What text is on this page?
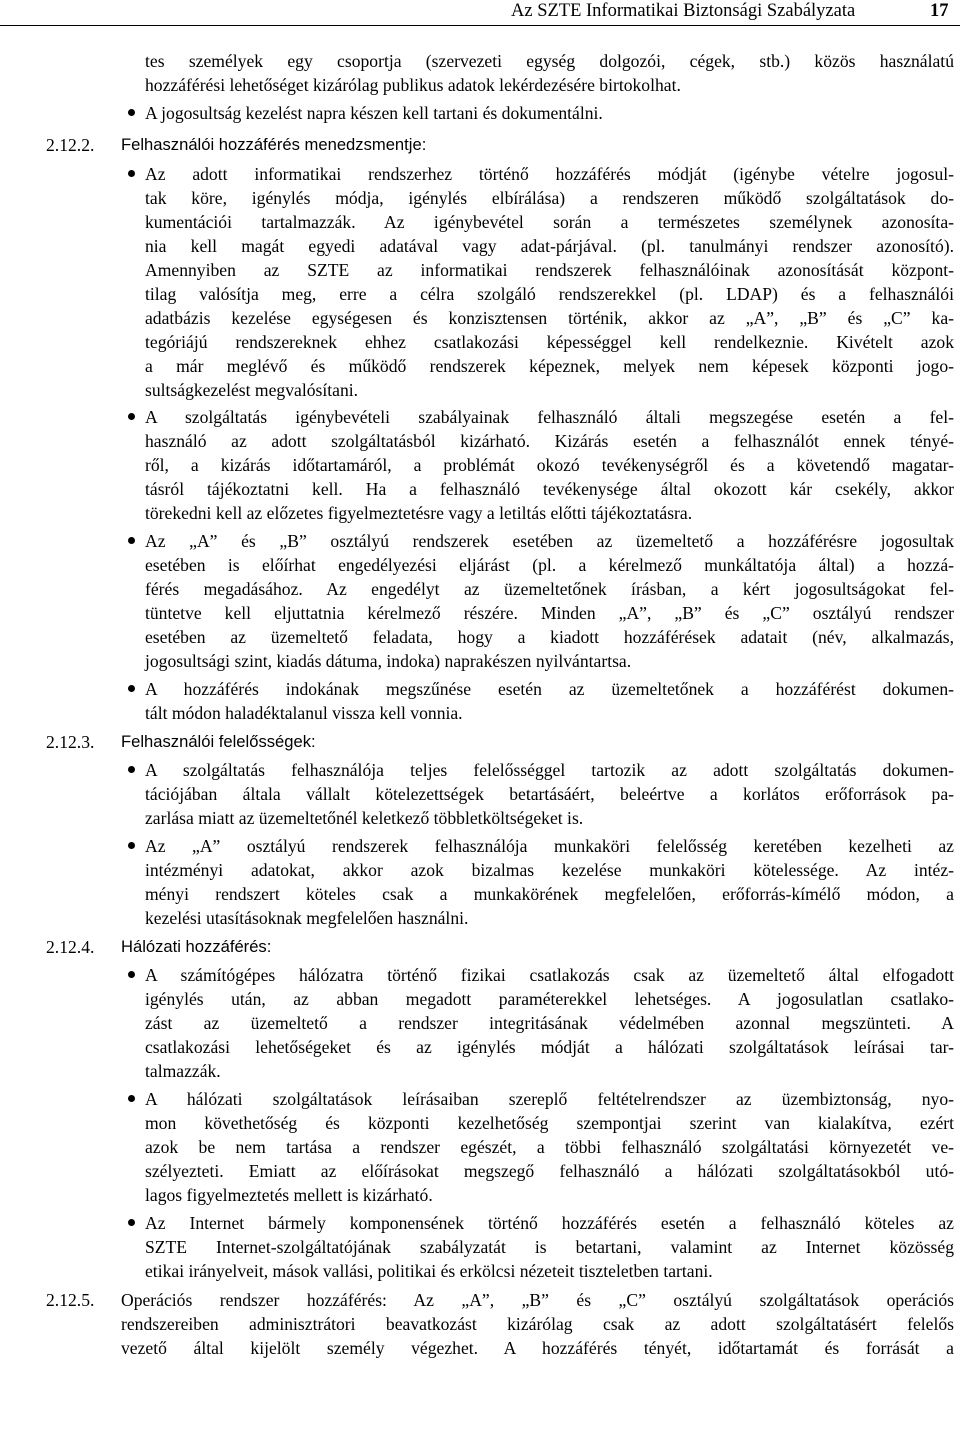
Az SZTE Informatikai Biztonsági Szabályzata	17
tes személyek egy csoportja (szervezeti egység dolgozói, cégek, stb.) közös használatú
hozzáférési lehetőséget kizárólag publikus adatok lekérdezésére birtokolhat.
A jogosultság kezelést napra készen kell tartani és dokumentálni.
2.12.2. Felhasználói hozzáférés menedzsmentje:
Az adott informatikai rendszerhez történő hozzáférés módját (igénybe vételre jogosul-
tak köre, igénylés módja, igénylés elbírálása) a rendszeren működő szolgáltatások do-
kumentációi tartalmazzák. Az igénybevétel során a természetes személynek azonosíta-
nia kell magát egyedi adatával vagy adat-párjával. (pl. tanulmányi rendszer azonosító).
Amennyiben az SZTE az informatikai rendszerek felhasználóinak azonosítását központ-
tilag valósítja meg, erre a célra szolgáló rendszerekkel (pl. LDAP) és a felhasználói
adatbázis kezelése egységesen és konzisztensen történik, akkor az „A”, „B” és „C” ka-
tegóriájú rendszereknek ehhez csatlakozási képességgel kell rendelkeznie. Kivételt azok
a már meglévő és működő rendszerek képeznek, melyek nem képesek központi jogo-
sultságkezelést megvalósítani.
A szolgáltatás igénybevételi szabályainak felhasználó általi megszegése esetén a fel-
használó az adott szolgáltatásból kizárható. Kizárás esetén a felhasználót ennek tényé-
ről, a kizárás időtartamáról, a problémát okozó tevékenységről és a követendő magatar-
tásról tájékoztatni kell. Ha a felhasználó tevékenysége által okozott kár csekély, akkor
törekedni kell az előzetes figyelmeztetésre vagy a letiltás előtti tájékoztatásra.
Az „A” és „B” osztályú rendszerek esetében az üzemeltető a hozzáférésre jogosultak
esetében is előírhat engedélyezési eljárást (pl. a kérelmező munkáltatója által) a hozzá-
férés megadásához. Az engedélyt az üzemeltetőnek írásban, a kért jogosultságokat fel-
tüntetve kell eljuttatnia kérelmező részére. Minden „A”, „B” és „C” osztályú rendszer
esetében az üzemeltető feladata, hogy a kiadott hozzáférések adatait (név, alkalmazás,
jogosultsági szint, kiadás dátuma, indoka) naprakészen nyilvántartsa.
A hozzáférés indokának megszűnése esetén az üzemeltetőnek a hozzáférést dokumen-
tált módon haladéktalanul vissza kell vonnia.
2.12.3. Felhasználói felelősségek:
A szolgáltatás felhasználója teljes felelősséggel tartozik az adott szolgáltatás dokumen-
tációjában általa vállalt kötelezettségek betartásáért, beleértve a korlátos erőforrások pa-
zarlása miatt az üzemeltetőnél keletkező többletköltségeket is.
Az „A” osztályú rendszerek felhasználója munkaköri felelősség keretében kezelheti az
intézményi adatokat, akkor azok bizalmas kezelése munkaköri kötelessége. Az intéz-
ményi rendszert köteles csak a munkakörének megfelelően, erőforrás-kímélő módon, a
kezelési utasításoknak megfelelően használni.
2.12.4. Hálózati hozzáférés:
A számítógépes hálózatra történő fizikai csatlakozás csak az üzemeltető által elfogadott
igénylés után, az abban megadott paraméterekkel lehetséges. A jogosulatlan csatlako-
zást az üzemeltető a rendszer integritásának védelmében azonnal megszünteti. A
csatlakozási lehetőségeket és az igénylés módját a hálózati szolgáltatások leírásai tar-
talmazzák.
A hálózati szolgáltatások leírásaiban szereplő feltételrendszer az üzembiztonság, nyo-
mon követhetőség és központi kezelhetőség szempontjai szerint van kialakítva, ezért
azok be nem tartása a rendszer egészét, a többi felhasználó szolgáltatási környezetét ve-
szélyezteti. Emiatt az előírásokat megszegő felhasználó a hálózati szolgáltatásokból utó-
lagos figyelmeztetés mellett is kizárható.
Az Internet bármely komponensének történő hozzáférés esetén a felhasználó köteles az
SZTE Internet-szolgáltatójának szabályzatát is betartani, valamint az Internet közösség
etikai irányelveit, mások vallási, politikai és erkölcsi nézeteit tiszteletben tartani.
2.12.5. Operációs rendszer hozzáférés: Az „A”, „B” és „C” osztályú szolgáltatások operációs
rendszereiben adminisztrátori beavatkozást kizárólag csak az adott szolgáltatásért felelős
vezető által kijelölt személy végezhet. A hozzáférés tényét, időtartamát és forrását a
